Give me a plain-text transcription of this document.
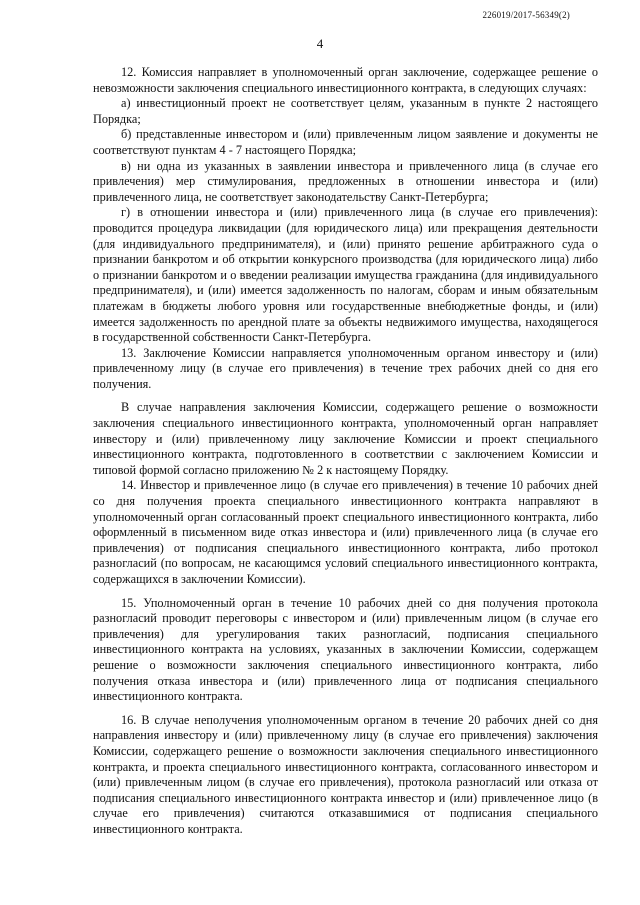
226019/2017-56349(2)
4

12. Комиссия направляет в уполномоченный орган заключение, содержащее решение о невозможности заключения специального инвестиционного контракта, в следующих случаях:

а) инвестиционный проект не соответствует целям, указанным в пункте 2 настоящего Порядка;

б) представленные инвестором и (или) привлеченным лицом заявление и документы не соответствуют пунктам 4 - 7 настоящего Порядка;

в) ни одна из указанных в заявлении инвестора и привлеченного лица (в случае его привлечения) мер стимулирования, предложенных в отношении инвестора и (или) привлеченного лица, не соответствует законодательству Санкт-Петербурга;

г) в отношении инвестора и (или) привлеченного лица (в случае его привлечения): проводится процедура ликвидации (для юридического лица) или прекращения деятельности (для индивидуального предпринимателя), и (или) принято решение арбитражного суда о признании банкротом и об открытии конкурсного производства (для юридического лица) либо о признании банкротом и о введении реализации имущества гражданина (для индивидуального предпринимателя), и (или) имеется задолженность по налогам, сборам и иным обязательным платежам в бюджеты любого уровня или государственные внебюджетные фонды, и (или) имеется задолженность по арендной плате за объекты недвижимого имущества, находящегося в государственной собственности Санкт-Петербурга.

13. Заключение Комиссии направляется уполномоченным органом инвестору и (или) привлеченному лицу (в случае его привлечения) в течение трех рабочих дней со дня его получения.

В случае направления заключения Комиссии, содержащего решение о возможности заключения специального инвестиционного контракта, уполномоченный орган направляет инвестору и (или) привлеченному лицу заключение Комиссии и проект специального инвестиционного контракта, подготовленного в соответствии с заключением Комиссии и типовой формой согласно приложению № 2 к настоящему Порядку.

14. Инвестор и привлеченное лицо (в случае его привлечения) в течение 10 рабочих дней со дня получения проекта специального инвестиционного контракта направляют в уполномоченный орган согласованный проект специального инвестиционного контракта, либо оформленный в письменном виде отказ инвестора и (или) привлеченного лица (в случае его привлечения) от подписания специального инвестиционного контракта, либо протокол разногласий (по вопросам, не касающимся условий специального инвестиционного контракта, содержащихся в заключении Комиссии).

15. Уполномоченный орган в течение 10 рабочих дней со дня получения протокола разногласий проводит переговоры с инвестором и (или) привлеченным лицом (в случае его привлечения) для урегулирования таких разногласий, подписания специального инвестиционного контракта на условиях, указанных в заключении Комиссии, содержащем решение о возможности заключения специального инвестиционного контракта, либо получения отказа инвестора и (или) привлеченного лица от подписания специального инвестиционного контракта.

16. В случае неполучения уполномоченным органом в течение 20 рабочих дней со дня направления инвестору и (или) привлеченному лицу (в случае его привлечения) заключения Комиссии, содержащего решение о возможности заключения специального инвестиционного контракта, и проекта специального инвестиционного контракта, согласованного инвестором и (или) привлеченным лицом (в случае его привлечения), протокола разногласий или отказа от подписания специального инвестиционного контракта инвестор и (или) привлеченное лицо (в случае его привлечения) считаются отказавшимися от подписания специального инвестиционного контракта.
